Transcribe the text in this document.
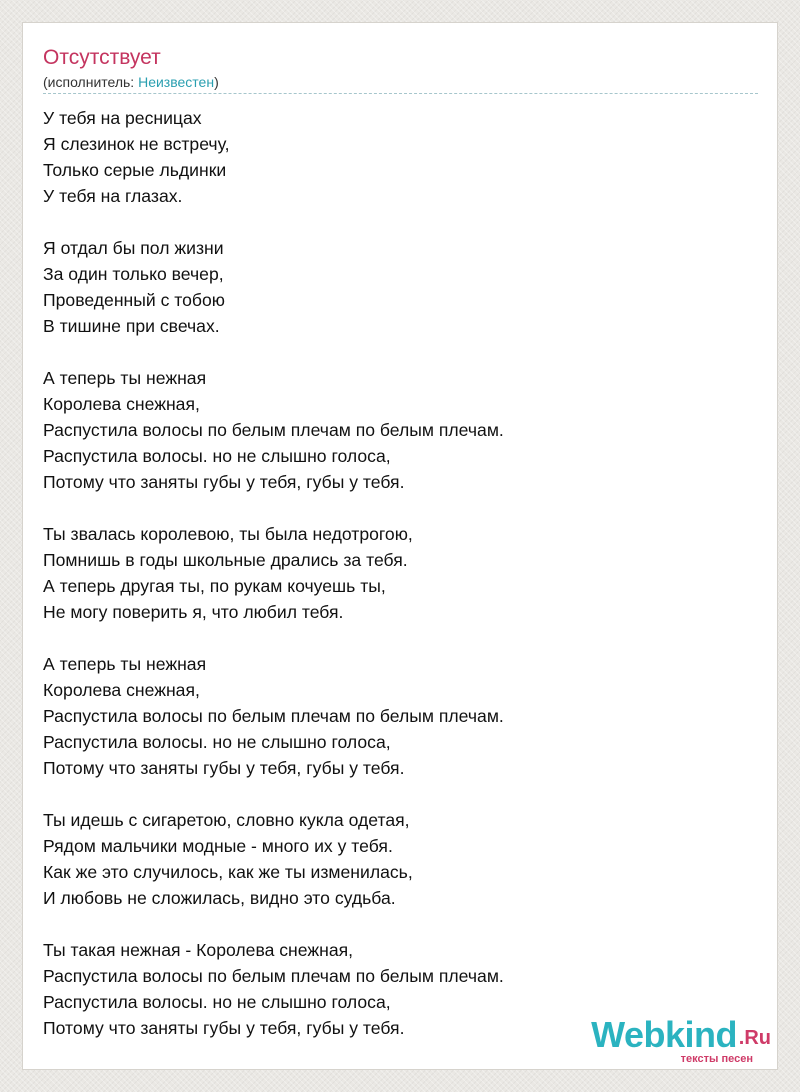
Отсутствует
(исполнитель: Неизвестен)
У тебя на ресницах
Я слезинок не встречу,
Только серые льдинки
У тебя на глазах.
Я отдал бы пол жизни
За один только вечер,
Проведенный с тобою
В тишине при свечах.
А теперь ты нежная
Королева снежная,
Распустила волосы по белым плечам по белым плечам.
Распустила волосы. но не слышно голоса,
Потому что заняты губы у тебя, губы у тебя.
Ты звалась королевою, ты была недотрогою,
Помнишь в годы школьные дрались за тебя.
А теперь другая ты, по рукам кочуешь ты,
Не могу поверить я, что любил тебя.
А теперь ты нежная
Королева снежная,
Распустила волосы по белым плечам по белым плечам.
Распустила волосы. но не слышно голоса,
Потому что заняты губы у тебя, губы у тебя.
Ты идешь с сигаретою, словно кукла одетая,
Рядом мальчики модные - много их у тебя.
Как же это случилось, как же ты изменилась,
И любовь не сложилась, видно это судьба.
Ты такая нежная - Королева снежная,
Распустила волосы по белым плечам по белым плечам.
Распустила волосы. но не слышно голоса,
Потому что заняты губы у тебя, губы у тебя.	Webkind .Ru
тексты песен
